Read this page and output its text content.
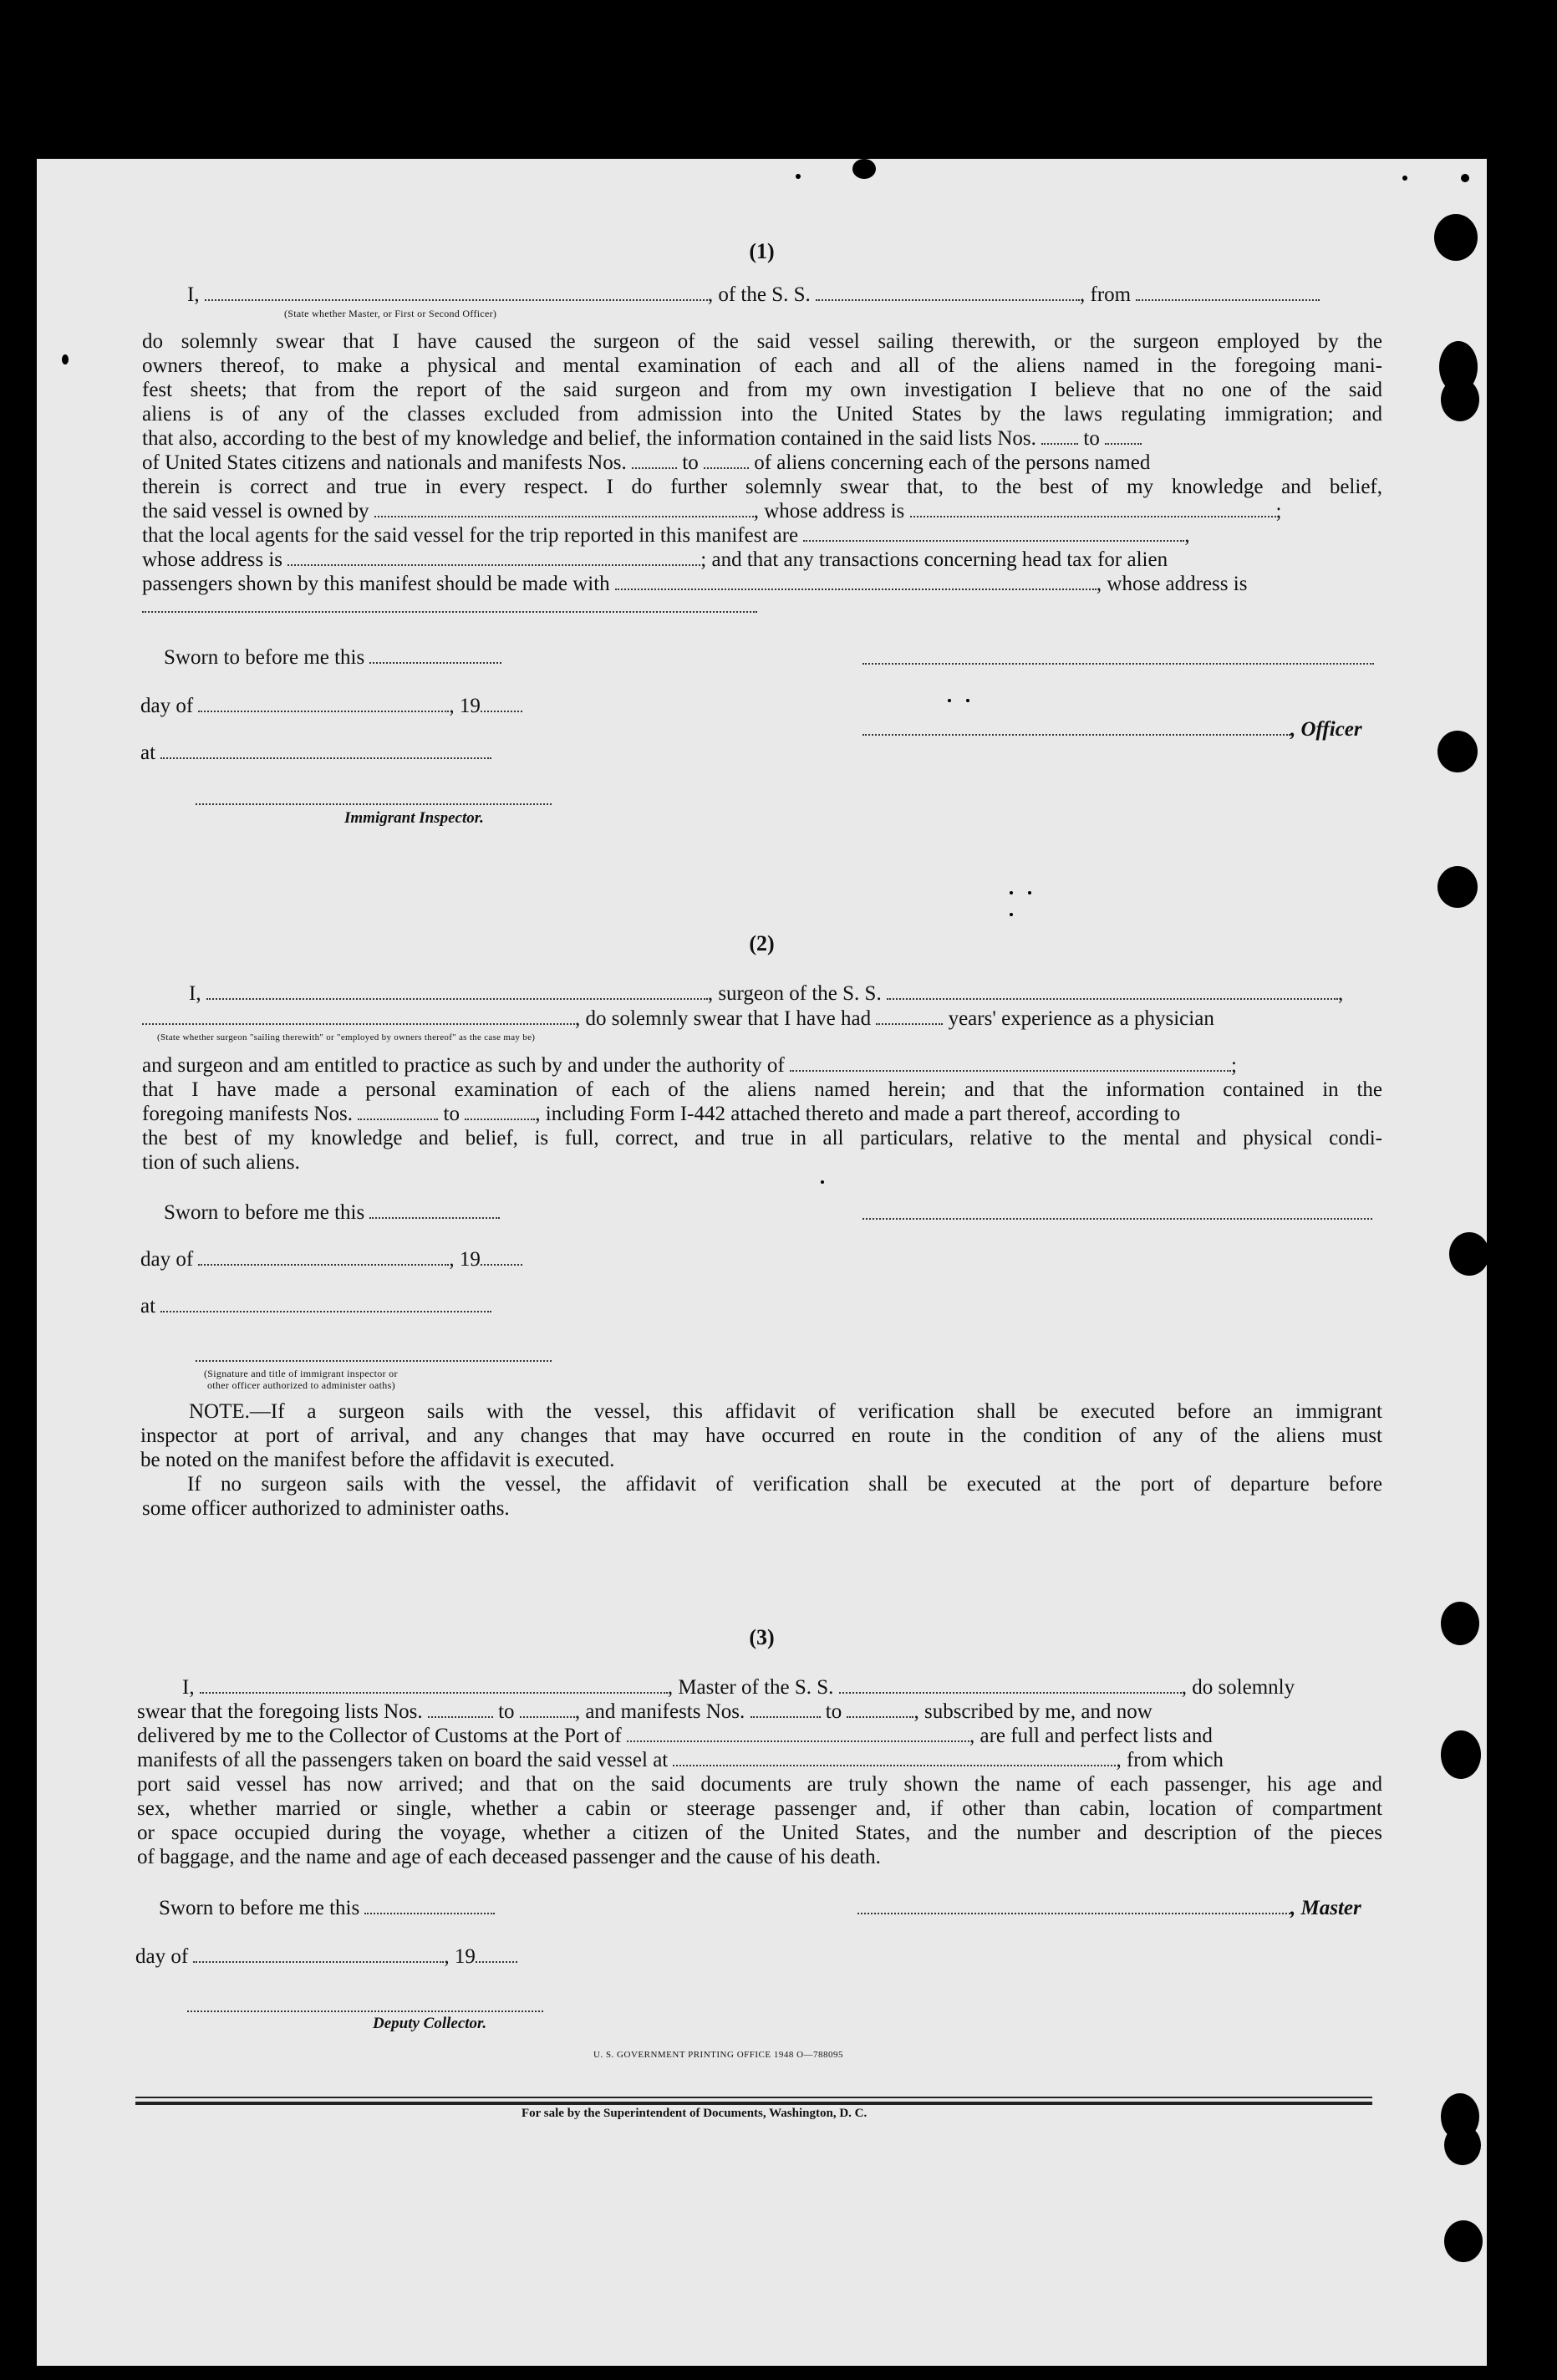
(1)
I,	, of the S. S.	, from
(State whether Master, or First or Second Officer)
do solemnly swear that I have caused the surgeon of the said vessel sailing therewith, or the surgeon employed by the
owners thereof, to make a physical and mental examination of each and all of the aliens named in the foregoing mani-
fest sheets; that from the report of the said surgeon and from my own investigation I believe that no one of the said
aliens is of any of the classes excluded from admission into the United States by the laws regulating immigration; and
that also, according to the best of my knowledge and belief, the information contained in the said lists Nos. to
of United States citizens and nationals and manifests Nos.	to	of aliens concerning each of the persons named
therein is correct and true in every respect. I do further solemnly swear that, to the best of my knowledge and belief,
the said vessel is owned by	, whose address is	;
that the local agents for the said vessel for the trip reported in this manifest are	,
whose address is	; and that any transactions concerning head tax for alien
passengers shown by this manifest should be made with	, whose address is
Sworn to before me this
day of	, 19
, Officer
at
Immigrant Inspector.
(2)
I,	, surgeon of the S. S.	,
, do solemnly swear that I have had	years' experience as a physician
(State whether surgeon "sailing therewith" or "employed by owners thereof" as the case may be)
and surgeon and am entitled to practice as such by and under the authority of	;
that I have made a personal examination of each of the aliens named herein; and that the information contained in the
foregoing manifests Nos.	to	, including Form I-442 attached thereto and made a part thereof, according to
the best of my knowledge and belief, is full, correct, and true in all particulars, relative to the mental and physical condi-
tion of such aliens.
Sworn to before me this
day of	, 19
at
(Signature and title of immigrant inspector or
other officer authorized to administer oaths)
NOTE.—If a surgeon sails with the vessel, this affidavit of verification shall be executed before an immigrant
inspector at port of arrival, and any changes that may have occurred en route in the condition of any of the aliens must
be noted on the manifest before the affidavit is executed.
If no surgeon sails with the vessel, the affidavit of verification shall be executed at the port of departure before
some officer authorized to administer oaths.
(3)
I,	, Master of the S. S.	, do solemnly
swear that the foregoing lists Nos.	to	, and manifests Nos.	to	, subscribed by me, and now
delivered by me to the Collector of Customs at the Port of	, are full and perfect lists and
manifests of all the passengers taken on board the said vessel at	, from which
port said vessel has now arrived; and that on the said documents are truly shown the name of each passenger, his age and
sex, whether married or single, whether a cabin or steerage passenger and, if other than cabin, location of compartment
or space occupied during the voyage, whether a citizen of the United States, and the number and description of the pieces
of baggage, and the name and age of each deceased passenger and the cause of his death.
Sworn to before me this	, Master
day of	, 19
Deputy Collector.
U. S. GOVERNMENT PRINTING OFFICE 1948 O—788095
For sale by the Superintendent of Documents, Washington, D. C.
